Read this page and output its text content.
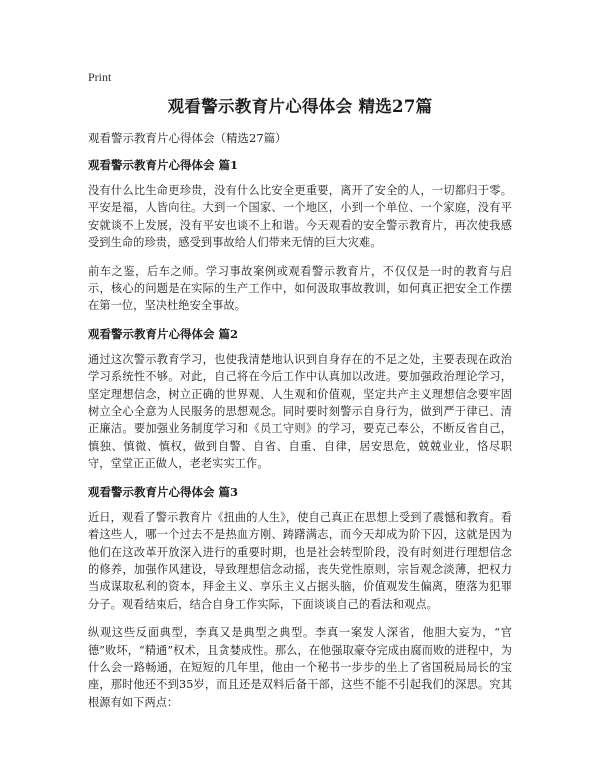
Print
观看警示教育片心得体会 精选27篇
观看警示教育片心得体会（精选27篇）
观看警示教育片心得体会 篇1

没有什么比生命更珍贵，没有什么比安全更重要，离开了安全的人，一切都归于零。平安是福，人皆向往。大到一个国家、一个地区，小到一个单位、一个家庭，没有平安就谈不上发展，没有平安也谈不上和谐。今天观看的安全警示教育片，再次使我感受到生命的珍贵，感受到事故给人们带来无情的巨大灾难。

前车之鉴，后车之师。学习事故案例或观看警示教育片，不仅仅是一时的教育与启示，核心的问题是在实际的生产工作中，如何汲取事故教训，如何真正把安全工作摆在第一位，坚决杜绝安全事故。

观看警示教育片心得体会 篇2

通过这次警示教育学习，也使我清楚地认识到自身存在的不足之处，主要表现在政治学习系统性不够。对此，自己将在今后工作中认真加以改进。要加强政治理论学习，坚定理想信念，树立正确的世界观、人生观和价值观，坚定共产主义理想信念要牢固树立全心全意为人民服务的思想观念。同时要时刻警示自身行为，做到严于律已、清正廉洁。要加强业务制度学习和《员工守则》的学习，要克己奉公，不断反省自己，慎独、慎微、慎权，做到自警、自省、自重、自律，居安思危，兢兢业业，恪尽职守，堂堂正正做人，老老实实工作。

观看警示教育片心得体会 篇3

近日，观看了警示教育片《扭曲的人生》，使自己真正在思想上受到了震憾和教育。看着这些人，哪一个过去不是热血方刚、踌躇满志，而今天却成为阶下囚，这就是因为他们在这改革开放深入进行的重要时期，也是社会转型阶段，没有时刻进行理想信念的修养，加强作风建设，导致理想信念动摇，丧失党性原则，宗旨观念淡薄，把权力当成谋取私利的资本，拜金主义、享乐主义占据头脑，价值观发生偏离，堕落为犯罪分子。观看结束后，结合自身工作实际，下面谈谈自己的看法和观点。

纵观这些反面典型，李真又是典型之典型。李真一案发人深省，他胆大妄为，“官德”败坏，“精通”权术，且贪婪成性。那么，在他强取豪夺完成由腐而败的进程中，为什么会一路畅通，在短短的几年里，他由一个秘书一步步的坐上了省国税局局长的宝座，那时他还不到35岁，而且还是双料后备干部，这些不能不引起我们的深思。究其根源有如下两点：
